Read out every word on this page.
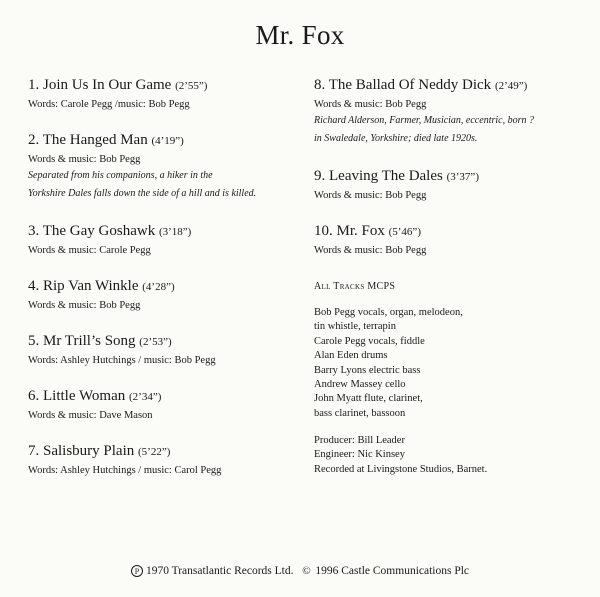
Mr. Fox
1. Join Us In Our Game (2’55”)
Words: Carole Pegg /music: Bob Pegg
2. The Hanged Man (4’19”)
Words & music: Bob Pegg
Separated from his companions, a hiker in the
Yorkshire Dales falls down the side of a hill and is killed.
3. The Gay Goshawk (3’18”)
Words & music: Carole Pegg
4. Rip Van Winkle (4’28”)
Words & music: Bob Pegg
5. Mr Trill’s Song (2’53”)
Words: Ashley Hutchings / music: Bob Pegg
6. Little Woman (2’34”)
Words & music: Dave Mason
7. Salisbury Plain (5’22”)
Words: Ashley Hutchings / music: Carol Pegg
8. The Ballad Of Neddy Dick (2’49”)
Words & music: Bob Pegg
Richard Alderson, Farmer, Musician, eccentric, born ?
in Swaledale, Yorkshire; died late 1920s.
9. Leaving The Dales (3’37”)
Words & music: Bob Pegg
10. Mr. Fox (5’46”)
Words & music: Bob Pegg
All Tracks MCPS
Bob Pegg vocals, organ, melodeon,
tin whistle, terrapin
Carole Pegg vocals, fiddle
Alan Eden drums
Barry Lyons electric bass
Andrew Massey cello
John Myatt flute, clarinet,
bass clarinet, bassoon
Producer: Bill Leader
Engineer: Nic Kinsey
Recorded at Livingstone Studios, Barnet.
P 1970 Transatlantic Records Ltd. © 1996 Castle Communications Plc
